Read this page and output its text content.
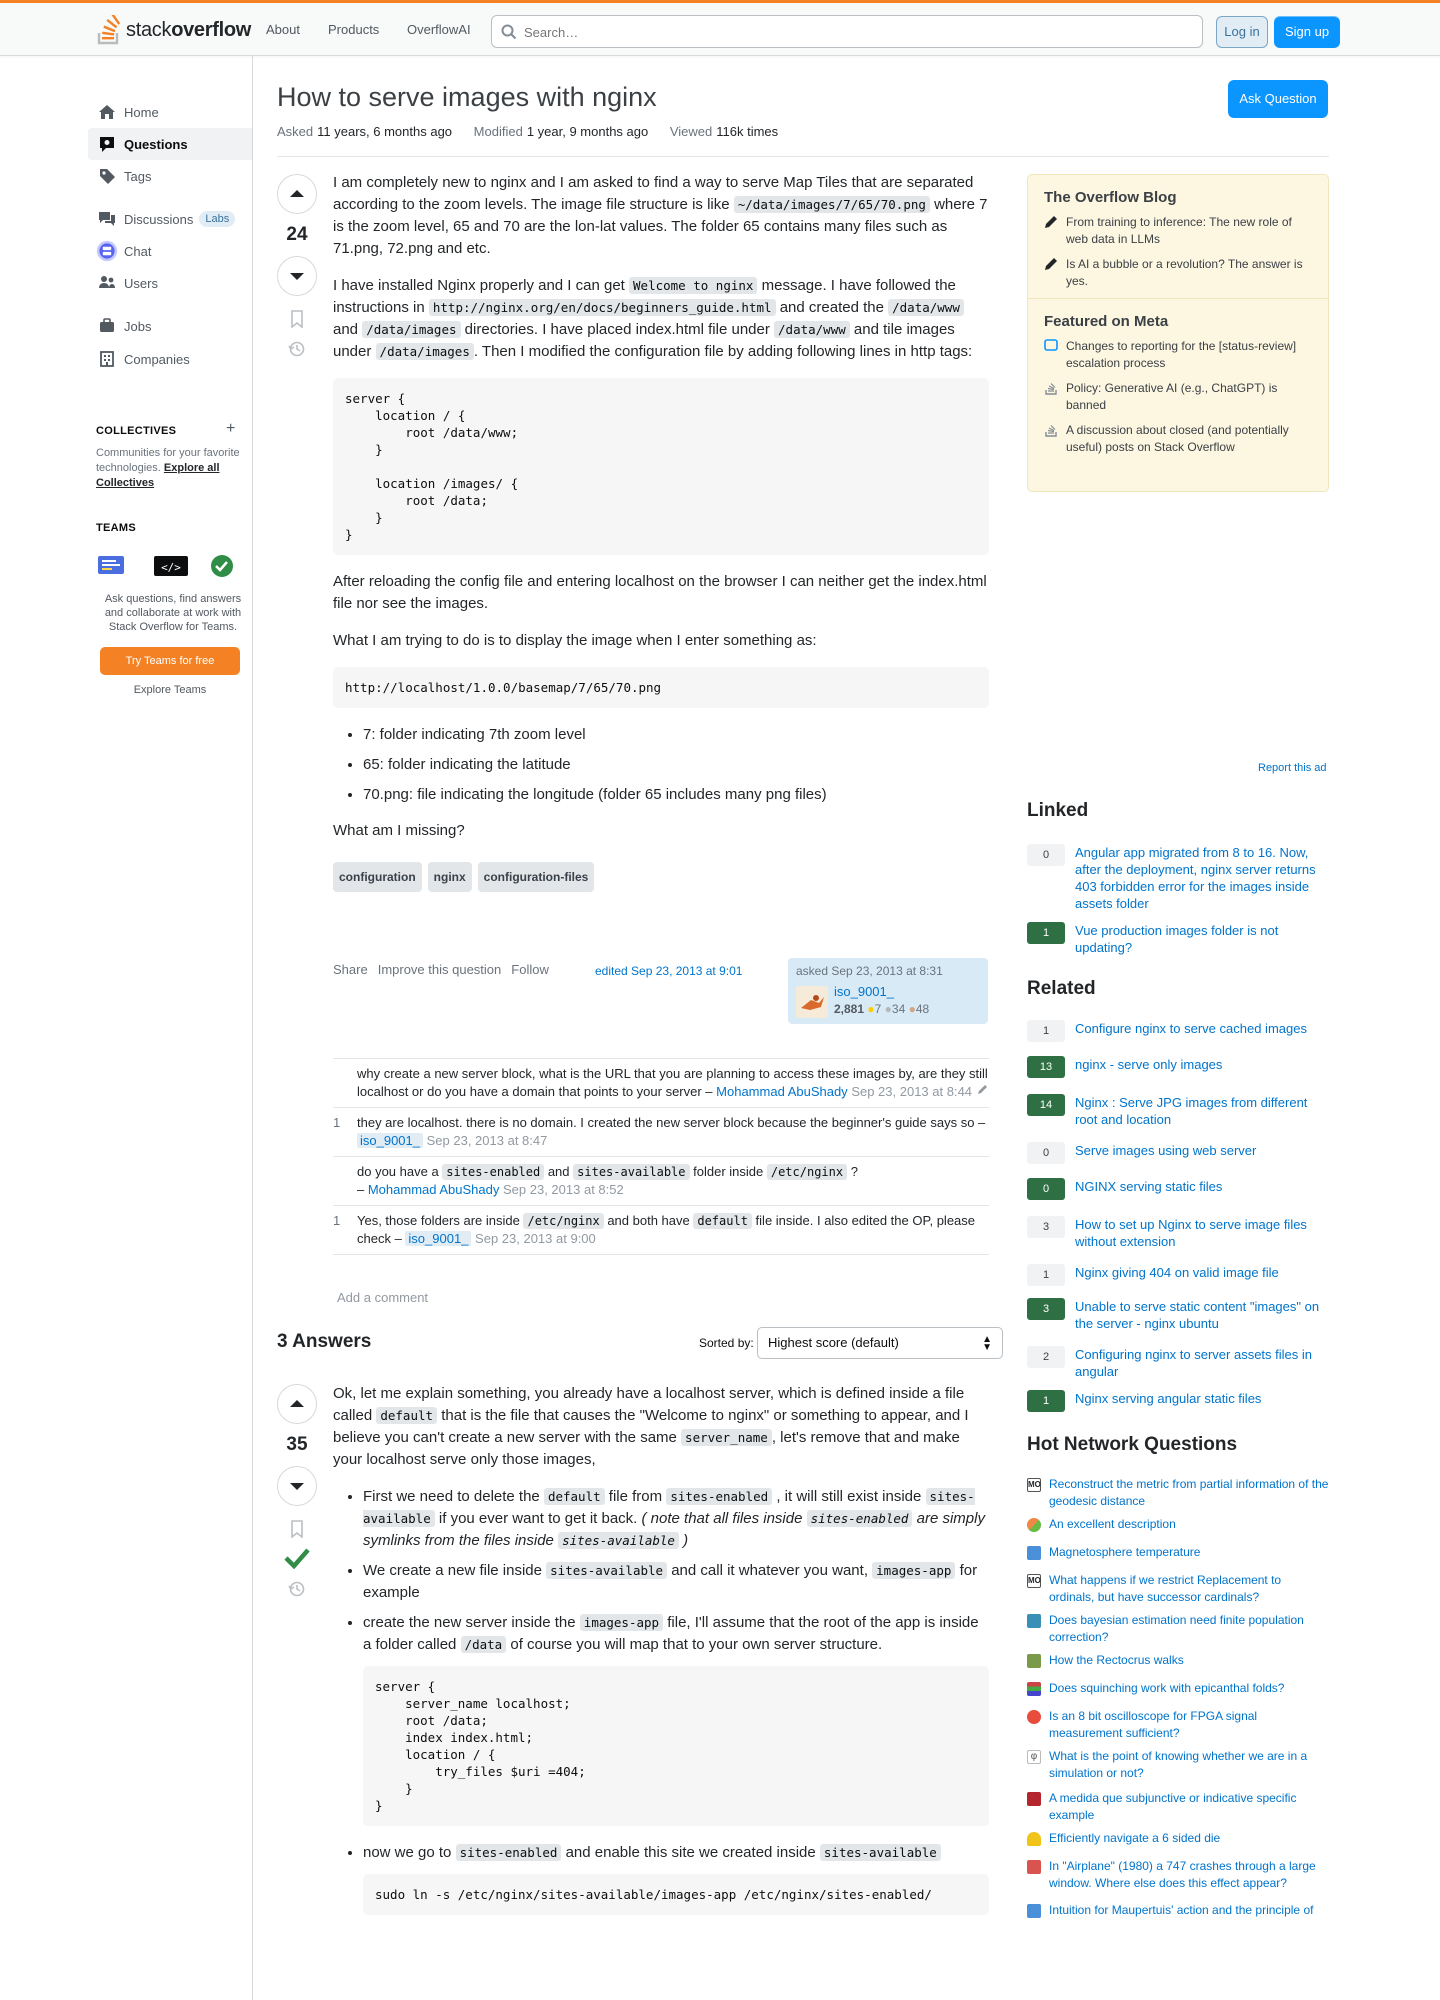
stackoverflow About Products OverflowAI
Search…	Log in	Sign up
Home
Questions
Tags
Discussions	Labs
Chat
Users
Jobs
Companies
COLLECTIVES	+
Communities for your favorite technologies. Explore all Collectives
TEAMS
</>
Ask questions, find answers and collaborate at work with Stack Overflow for Teams.
Try Teams for free
Explore Teams
How to serve images with nginx	Ask Question
Asked 11 years, 6 months ago Modified 1 year, 9 months ago Viewed 116k times
24

I am completely new to nginx and I am asked to find a way to serve Map Tiles that are separated according to the zoom levels. The image file structure is like ~/data/images/7/65/70.png where 7 is the zoom level, 65 and 70 are the lon-lat values. The folder 65 contains many files such as 71.png, 72.png and etc.

I have installed Nginx properly and I can get Welcome to nginx message. I have followed the instructions in http://nginx.org/en/docs/beginners_guide.html and created the /data/www and /data/images directories. I have placed index.html file under /data/www and tile images under /data/images . Then I modified the configuration file by adding following lines in http tags:

server {
location / {
root /data/www;
}

location /images/ {
root /data;
}
}

After reloading the config file and entering localhost on the browser I can neither get the index.html file nor see the images.

What I am trying to do is to display the image when I enter something as:

http://localhost/1.0.0/basemap/7/65/70.png
• 7: folder indicating 7th zoom level
• 65: folder indicating the latitude
• 70.png: file indicating the longitude (folder 65 includes many png files)

What am I missing?

configuration	nginx	configuration-files
Share Improve this question Follow	edited Sep 23, 2013 at 9:01	asked Sep 23, 2013 at 8:31
iso_9001_
2,881 ●7 ●34 ●48
why create a new server block, what is the URL that you are planning to access these images by, are they still localhost or do you have a domain that points to your server – Mohammad AbuShady Sep 23, 2013 at 8:44
1 they are localhost. there is no domain. I created the new server block because the beginner's guide says so – iso_9001_ Sep 23, 2013 at 8:47
do you have a sites-enabled and sites-available folder inside /etc/nginx ?
– Mohammad AbuShady Sep 23, 2013 at 8:52
1 Yes, those folders are inside /etc/nginx and both have default file inside. I also edited the OP, please check – iso_9001_ Sep 23, 2013 at 9:00
Add a comment
3 Answers	Sorted by:	Highest score (default)	▲
▼
35

Ok, let me explain something, you already have a localhost server, which is defined inside a file called default that is the file that causes the "Welcome to nginx" or something to appear, and I believe you can't create a new server with the same server_name , let's remove that and make your localhost serve only those images,

• First we need to delete the default file from sites-enabled , it will still exist inside sites-available if you ever want to get it back. ( note that all files inside sites-enabled are simply symlinks from the files inside sites-available )
• We create a new file inside sites-available and call it whatever you want, images-app for example
• create the new server inside the images-app file, I'll assume that the root of the app is inside a folder called /data of course you will map that to your own server structure.
server {
server_name localhost;
root /data;
index index.html;
location / {
try_files $uri =404;
}
}
• now we go to sites-enabled and enable this site we created inside sites-available
sudo ln -s /etc/nginx/sites-available/images-app /etc/nginx/sites-enabled/
The Overflow Blog
From training to inference: The new role of web data in LLMs
Is AI a bubble or a revolution? The answer is yes.
Featured on Meta
Changes to reporting for the [status-review] escalation process
Policy: Generative AI (e.g., ChatGPT) is banned
A discussion about closed (and potentially useful) posts on Stack Overflow
Report this ad
Linked
0	Angular app migrated from 8 to 16. Now, after the deployment, nginx server returns 403 forbidden error for the images inside assets folder
1	Vue production images folder is not updating?
Related
1	Configure nginx to serve cached images
13	nginx - serve only images
14	Nginx : Serve JPG images from different root and location
0	Serve images using web server
0	NGINX serving static files
3	How to set up Nginx to serve image files without extension
1	Nginx giving 404 on valid image file
3	Unable to serve static content "images" on the server - nginx ubuntu
2	Configuring nginx to server assets files in angular
1	Nginx serving angular static files
Hot Network Questions
MO Reconstruct the metric from partial information of the geodesic distance
An excellent description
Magnetosphere temperature
MO What happens if we restrict Replacement to ordinals, but have successor cardinals?
Does bayesian estimation need finite population correction?
How the Rectocrus walks
Does squinching work with epicanthal folds?
Is an 8 bit oscilloscope for FPGA signal measurement sufficient?
φ What is the point of knowing whether we are in a simulation or not?
A medida que subjunctive or indicative specific example
Efficiently navigate a 6 sided die
In "Airplane" (1980) a 747 crashes through a large window. Where else does this effect appear?
Intuition for Maupertuis' action and the principle of
